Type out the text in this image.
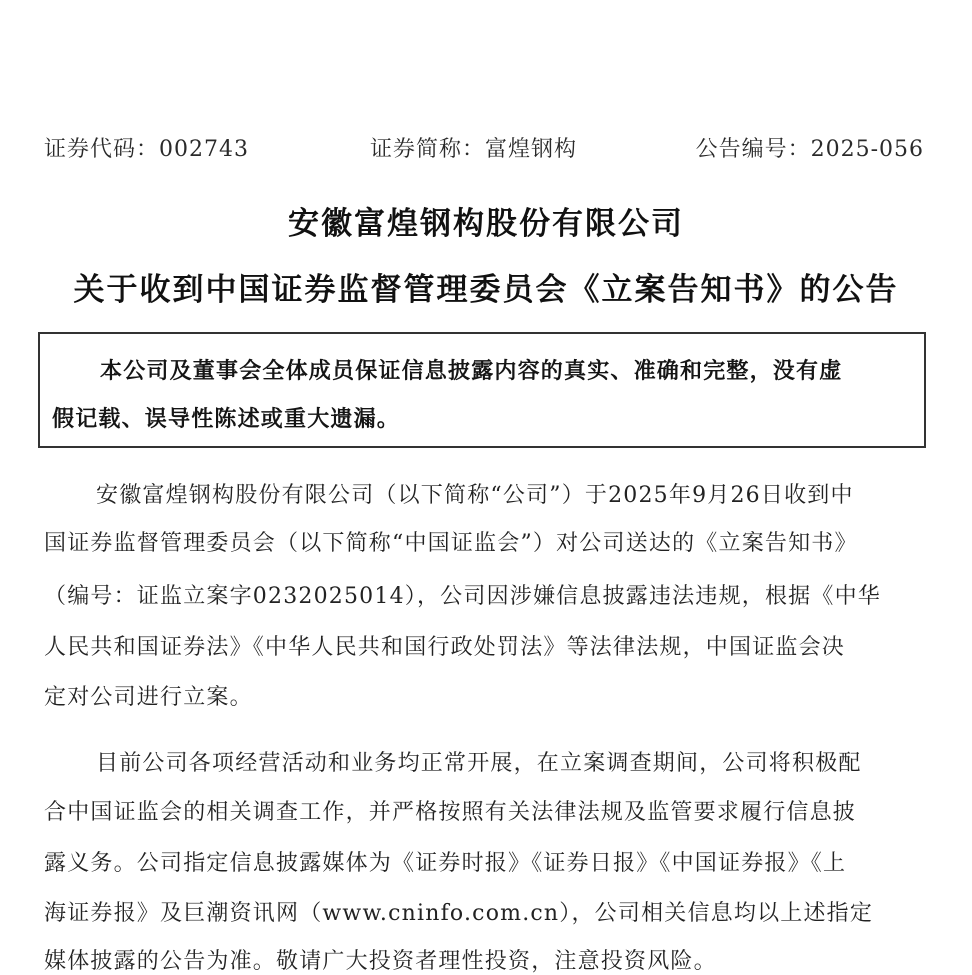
证券代码：002743	证券简称：富煌钢构	公告编号：2025-056
安徽富煌钢构股份有限公司
关于收到中国证券监督管理委员会《立案告知书》的公告
本公司及董事会全体成员保证信息披露内容的真实、准确和完整，没有虚
假记载、误导性陈述或重大遗漏。
安徽富煌钢构股份有限公司（以下简称“公司”）于2025年9月26日收到中
国证券监督管理委员会（以下简称“中国证监会”）对公司送达的《立案告知书》
（编号：证监立案字0232025014），公司因涉嫌信息披露违法违规，根据《中华
人民共和国证券法》《中华人民共和国行政处罚法》等法律法规，中国证监会决
定对公司进行立案。
目前公司各项经营活动和业务均正常开展，在立案调查期间，公司将积极配
合中国证监会的相关调查工作，并严格按照有关法律法规及监管要求履行信息披
露义务。公司指定信息披露媒体为《证券时报》《证券日报》《中国证券报》《上
海证券报》及巨潮资讯网（www.cninfo.com.cn），公司相关信息均以上述指定
媒体披露的公告为准。敬请广大投资者理性投资，注意投资风险。
